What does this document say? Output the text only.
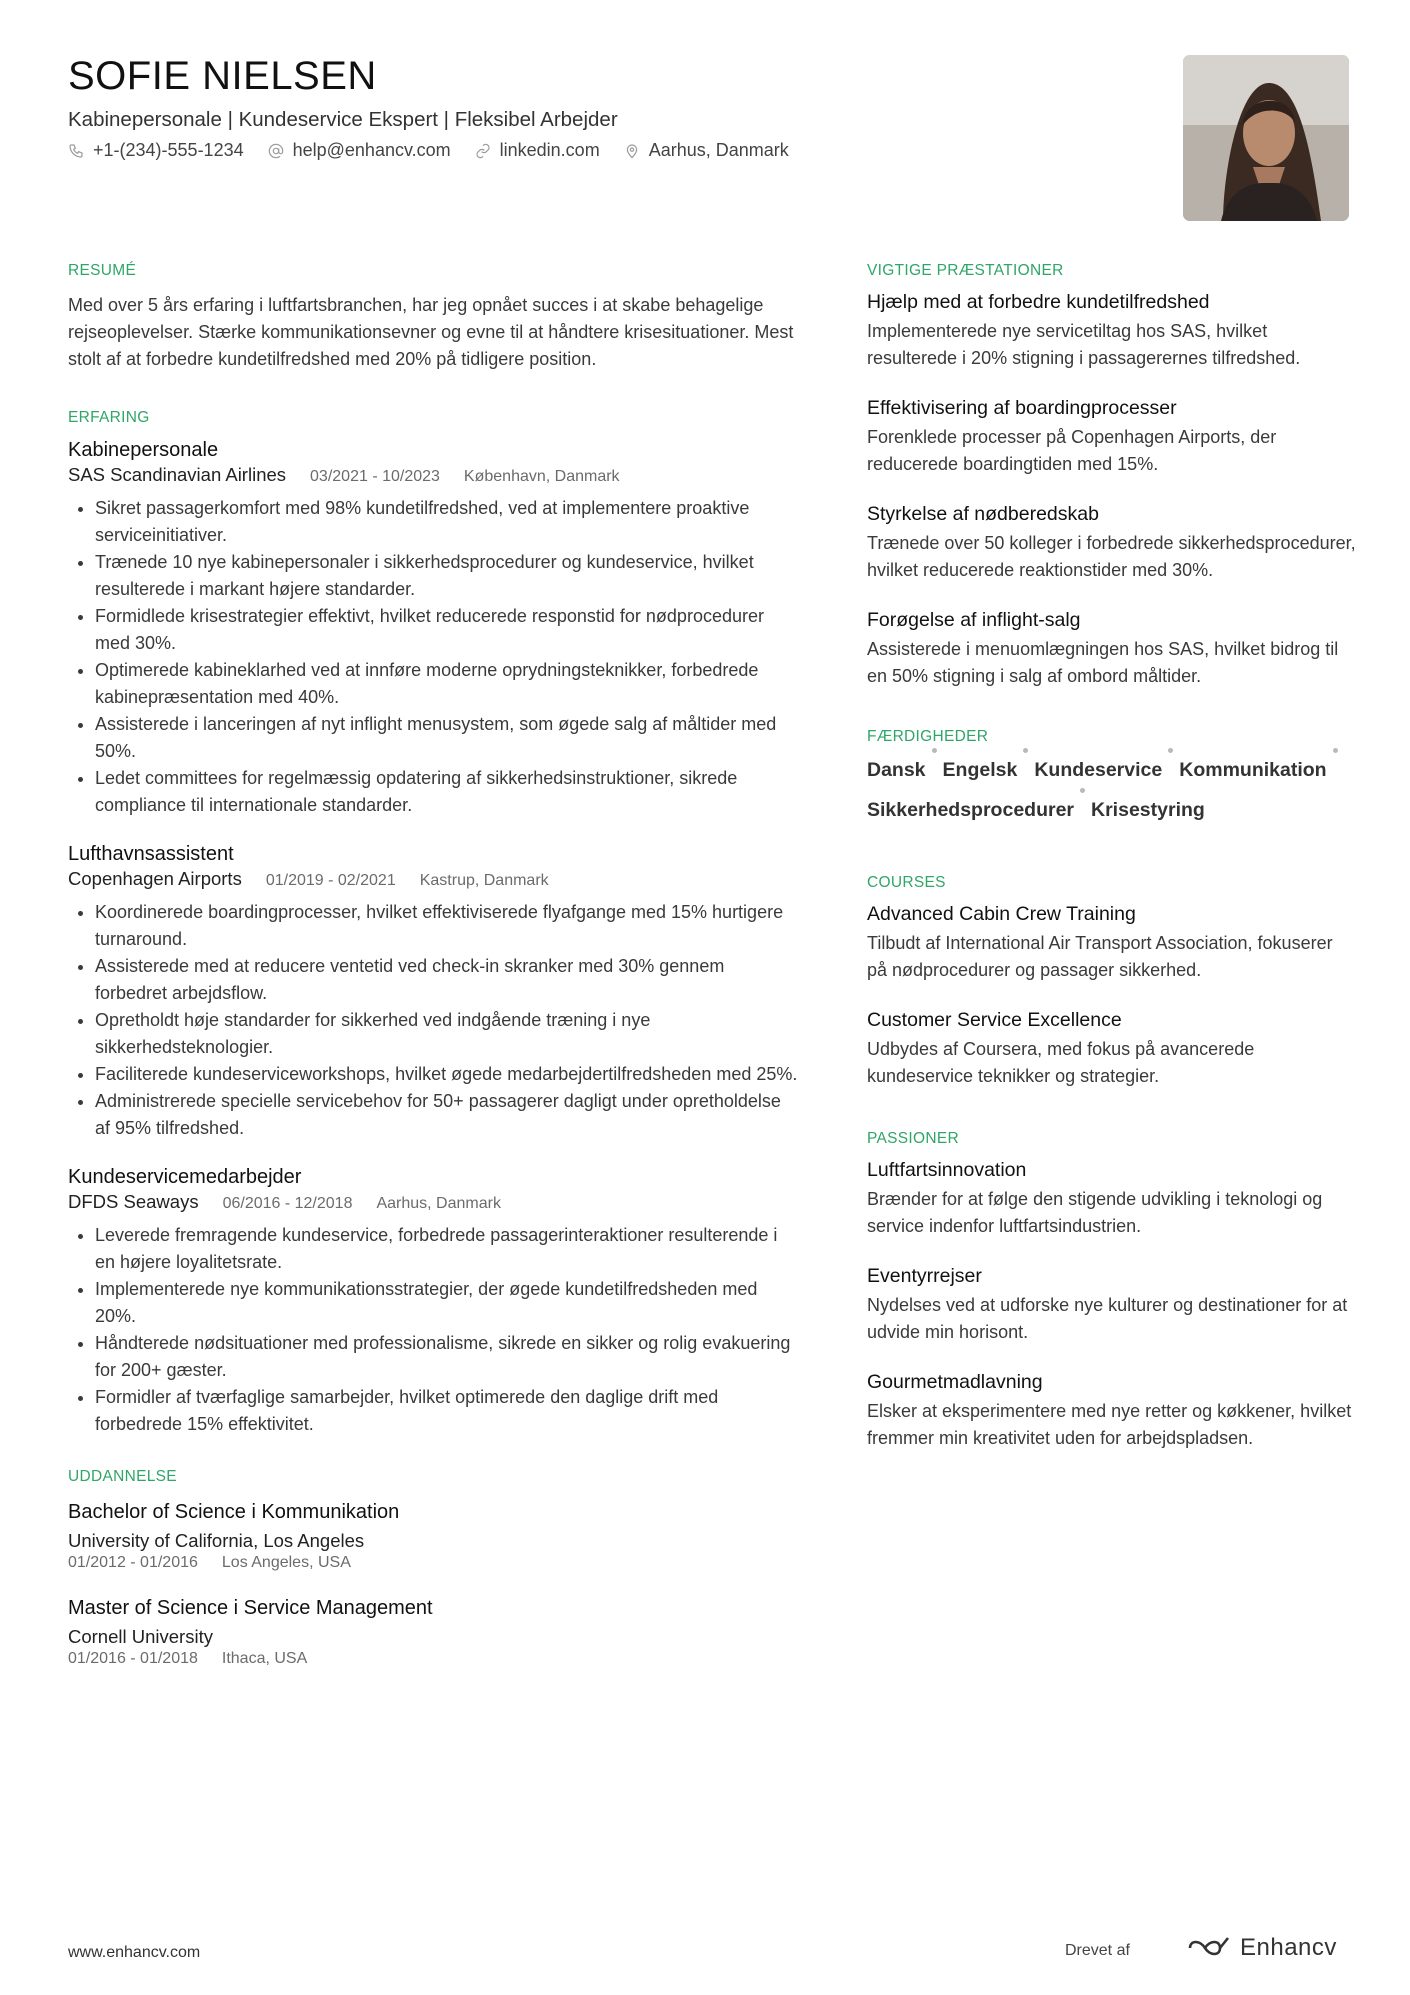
SOFIE NIELSEN
Kabinepersonale | Kundeservice Ekspert | Fleksibel Arbejder
+1-(234)-555-1234	help@enhancv.com	linkedin.com	Aarhus, Danmark
RESUMÉ

Med over 5 års erfaring i luftfartsbranchen, har jeg opnået succes i at skabe behagelige rejseoplevelser. Stærke kommunikationsevner og evne til at håndtere krisesituationer. Mest stolt af at forbedre kundetilfredshed med 20% på tidligere position.

ERFARING
Kabinepersonale
SAS Scandinavian Airlines 03/2021 - 10/2023 København, Danmark
• Sikret passagerkomfort med 98% kundetilfredshed, ved at implementere proaktive serviceinitiativer.
• Trænede 10 nye kabinepersonaler i sikkerhedsprocedurer og kundeservice, hvilket resulterede i markant højere standarder.
• Formidlede krisestrategier effektivt, hvilket reducerede responstid for nødprocedurer med 30%.
• Optimerede kabineklarhed ved at innføre moderne oprydningsteknikker, forbedrede kabinepræsentation med 40%.
• Assisterede i lanceringen af nyt inflight menusystem, som øgede salg af måltider med 50%.
• Ledet committees for regelmæssig opdatering af sikkerhedsinstruktioner, sikrede compliance til internationale standarder.
Lufthavnsassistent
Copenhagen Airports 01/2019 - 02/2021 Kastrup, Danmark
• Koordinerede boardingprocesser, hvilket effektiviserede flyafgange med 15% hurtigere turnaround.
• Assisterede med at reducere ventetid ved check-in skranker med 30% gennem forbedret arbejdsflow.
• Opretholdt høje standarder for sikkerhed ved indgående træning i nye sikkerhedsteknologier.
• Faciliterede kundeserviceworkshops, hvilket øgede medarbejdertilfredsheden med 25%.
• Administrerede specielle servicebehov for 50+ passagerer dagligt under opretholdelse af 95% tilfredshed.
Kundeservicemedarbejder
DFDS Seaways 06/2016 - 12/2018 Aarhus, Danmark
• Leverede fremragende kundeservice, forbedrede passagerinteraktioner resulterende i en højere loyalitetsrate.
• Implementerede nye kommunikationsstrategier, der øgede kundetilfredsheden med 20%.
• Håndterede nødsituationer med professionalisme, sikrede en sikker og rolig evakuering for 200+ gæster.
• Formidler af tværfaglige samarbejder, hvilket optimerede den daglige drift med forbedrede 15% effektivitet.
UDDANNELSE
Bachelor of Science i Kommunikation
University of California, Los Angeles
01/2012 - 01/2016 Los Angeles, USA
Master of Science i Service Management
Cornell University
01/2016 - 01/2018 Ithaca, USA
VIGTIGE PRÆSTATIONER
Hjælp med at forbedre kundetilfredshed
Implementerede nye servicetiltag hos SAS, hvilket resulterede i 20% stigning i passagerernes tilfredshed.
Effektivisering af boardingprocesser
Forenklede processer på Copenhagen Airports, der reducerede boardingtiden med 15%.
Styrkelse af nødberedskab
Trænede over 50 kolleger i forbedrede sikkerhedsprocedurer, hvilket reducerede reaktionstider med 30%.
Forøgelse af inflight-salg
Assisterede i menuomlægningen hos SAS, hvilket bidrog til en 50% stigning i salg af ombord måltider.
FÆRDIGHEDER
Dansk Engelsk Kundeservice Kommunikation
Sikkerhedsprocedurer Krisestyring
COURSES
Advanced Cabin Crew Training
Tilbudt af International Air Transport Association, fokuserer på nødprocedurer og passager sikkerhed.
Customer Service Excellence
Udbydes af Coursera, med fokus på avancerede kundeservice teknikker og strategier.
PASSIONER
Luftfartsinnovation
Brænder for at følge den stigende udvikling i teknologi og service indenfor luftfartsindustrien.
Eventyrrejser
Nydelses ved at udforske nye kulturer og destinationer for at udvide min horisont.
Gourmetmadlavning
Elsker at eksperimentere med nye retter og køkkener, hvilket fremmer min kreativitet uden for arbejdspladsen.
www.enhancv.com	Drevet af	Enhancv
